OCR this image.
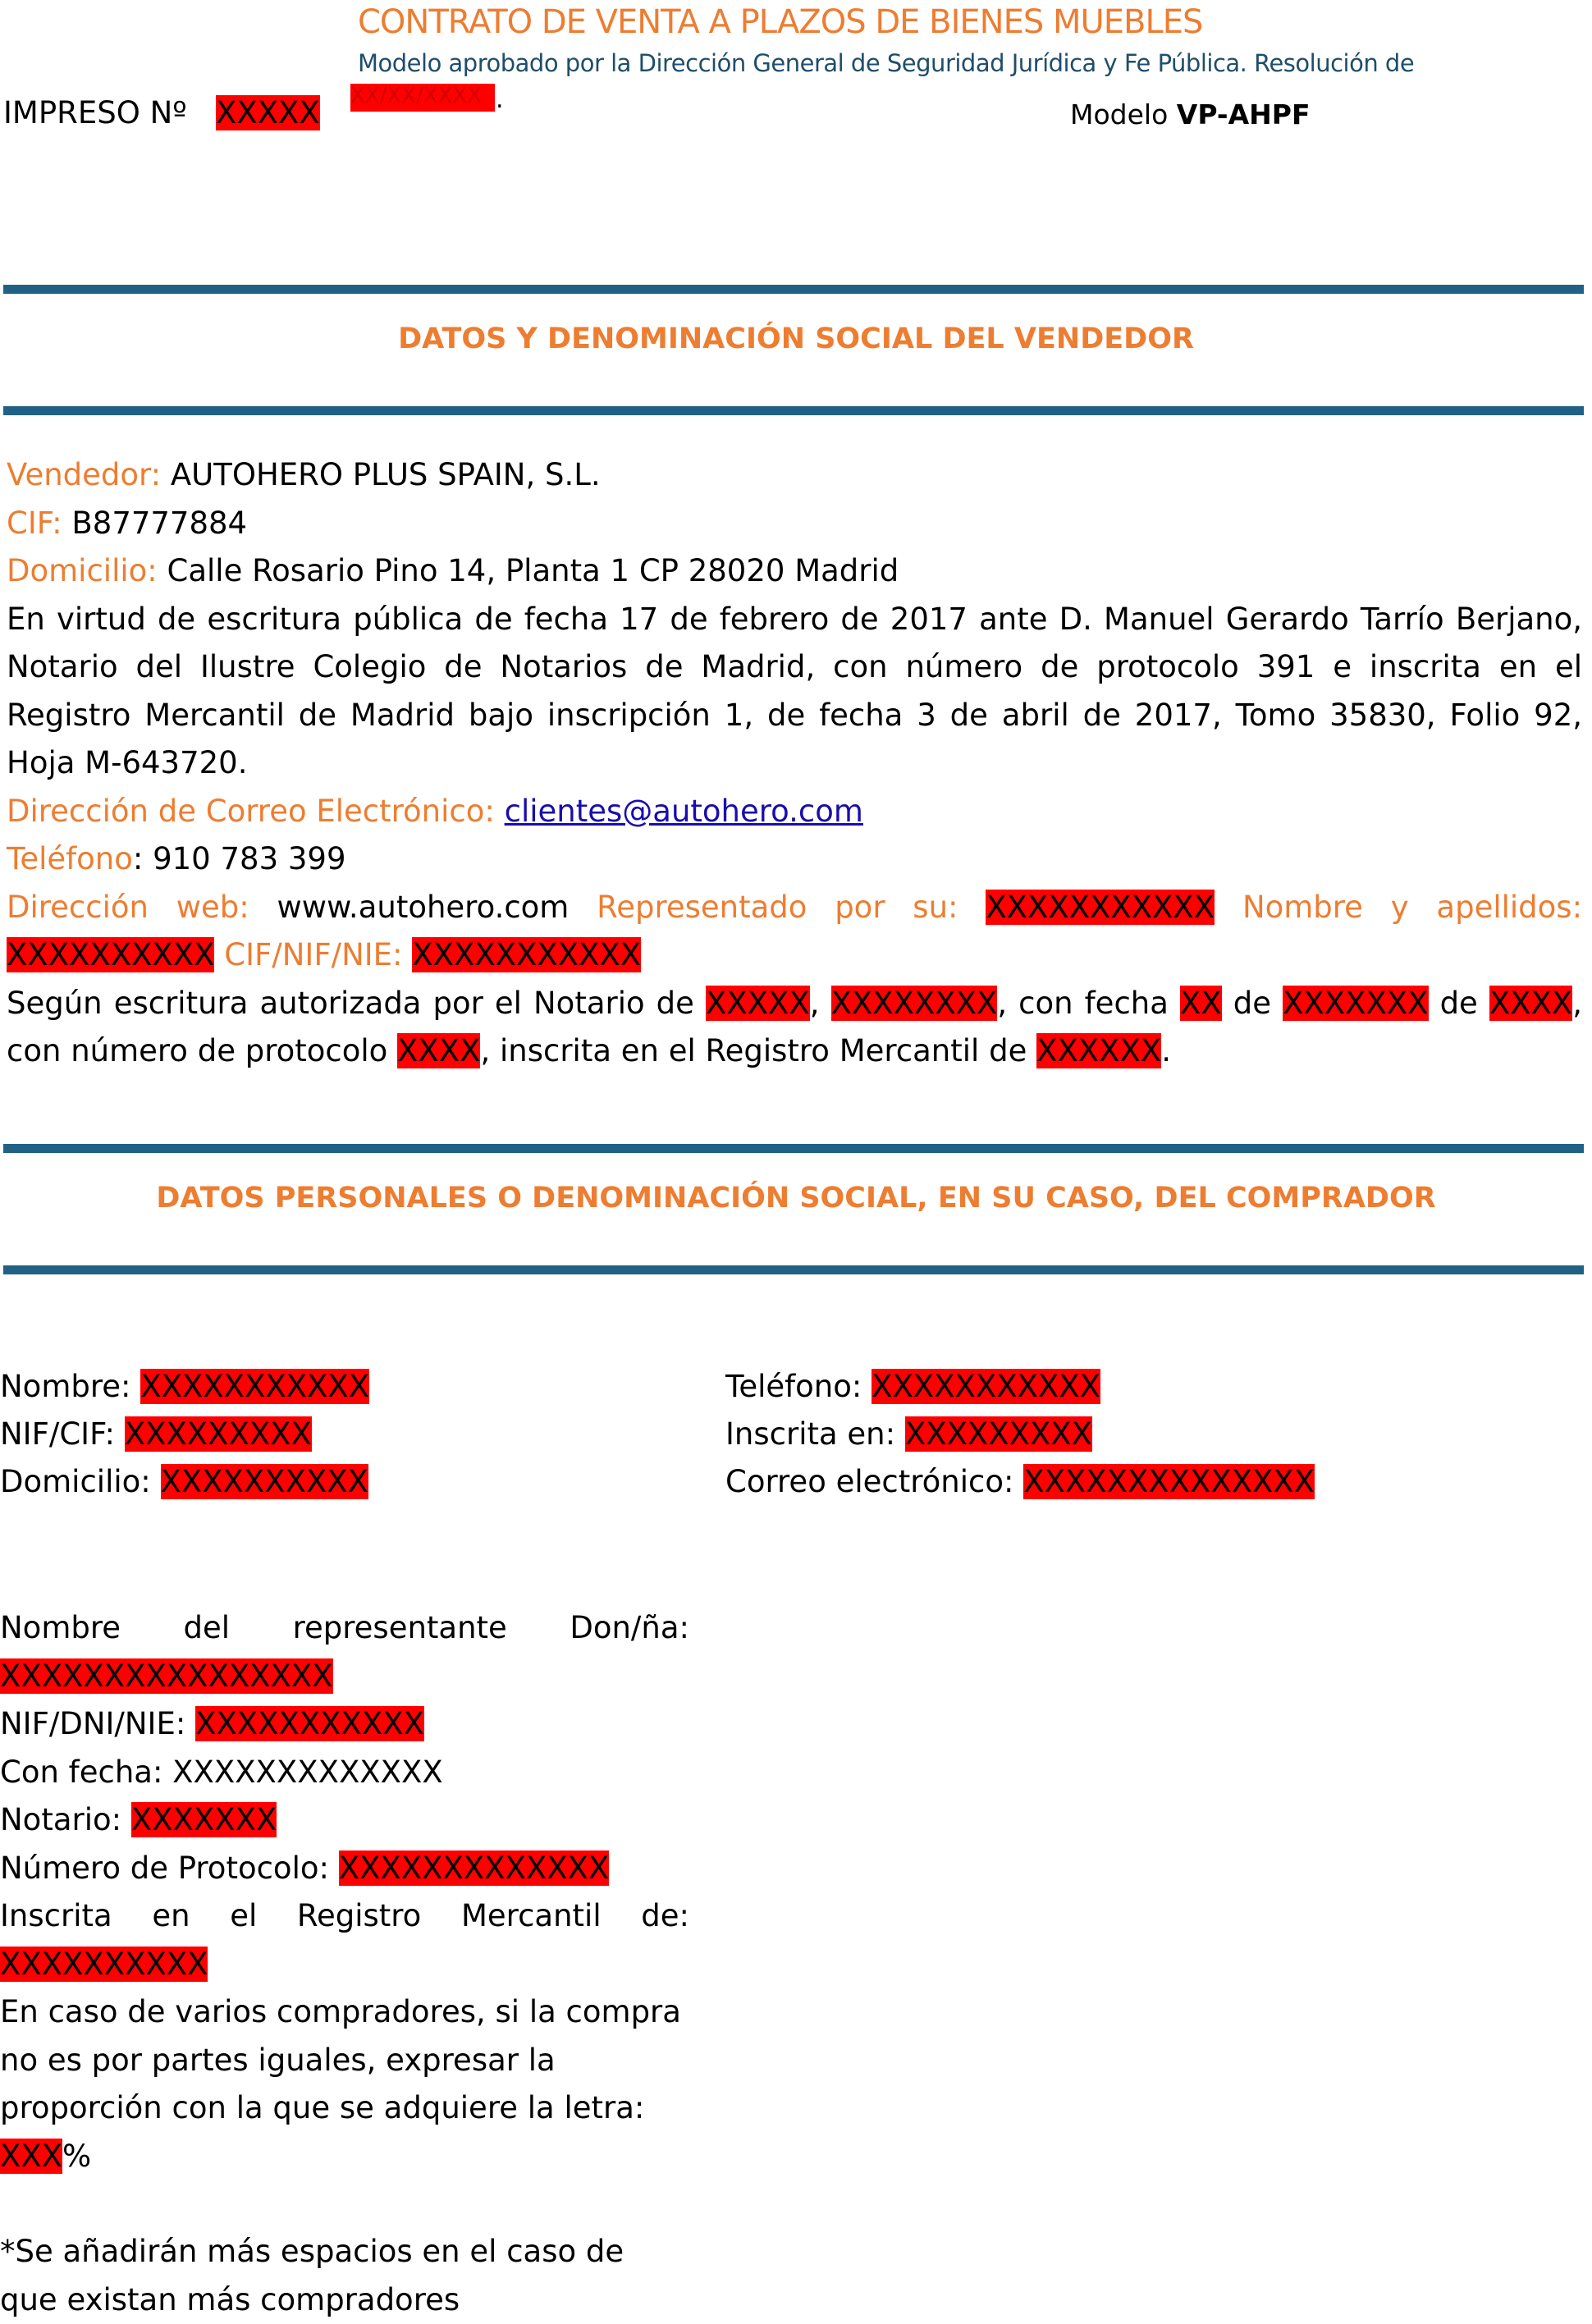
CONTRATO DE VENTA A PLAZOS DE BIENES MUEBLES
Modelo aprobado por la Dirección General de Seguridad Jurídica y Fe Pública. Resolución de
XX/XX/XXXX .
IMPRESO Nº XXXXX	Modelo VP-AHPF
DATOS Y DENOMINACIÓN SOCIAL DEL VENDEDOR
Vendedor: AUTOHERO PLUS SPAIN, S.L.
CIF: B87777884
Domicilio: Calle Rosario Pino 14, Planta 1 CP 28020 Madrid
En virtud de escritura pública de fecha 17 de febrero de 2017 ante D. Manuel Gerardo Tarrío Berjano, Notario del Ilustre Colegio de Notarios de Madrid, con número de protocolo 391 e inscrita en el Registro Mercantil de Madrid bajo inscripción 1, de fecha 3 de abril de 2017, Tomo 35830, Folio 92, Hoja M-643720.
Dirección de Correo Electrónico: clientes@autohero.com
Teléfono: 910 783 399
Dirección web: www.autohero.com Representado por su: XXXXXXXXXXX Nombre y apellidos: XXXXXXXXXX CIF/NIF/NIE: XXXXXXXXXXX
Según escritura autorizada por el Notario de XXXXX, XXXXXXXX, con fecha XX de XXXXXXX de XXXX, con número de protocolo XXXX, inscrita en el Registro Mercantil de XXXXXX.
DATOS PERSONALES O DENOMINACIÓN SOCIAL, EN SU CASO, DEL COMPRADOR
Nombre: XXXXXXXXXXX
NIF/CIF: XXXXXXXXX
Domicilio: XXXXXXXXXX
Teléfono: XXXXXXXXXXX
Inscrita en: XXXXXXXXX
Correo electrónico: XXXXXXXXXXXXXX
Nombre del representante Don/ña:
XXXXXXXXXXXXXXXX
NIF/DNI/NIE: XXXXXXXXXXX
Con fecha: XXXXXXXXXXXXX
Notario: XXXXXXX
Número de Protocolo: XXXXXXXXXXXXX
Inscrita en el Registro Mercantil de:
XXXXXXXXXX
En caso de varios compradores, si la compra no es por partes iguales, expresar la proporción con la que se adquiere la letra: XXX%
*Se añadirán más espacios en el caso de que existan más compradores
